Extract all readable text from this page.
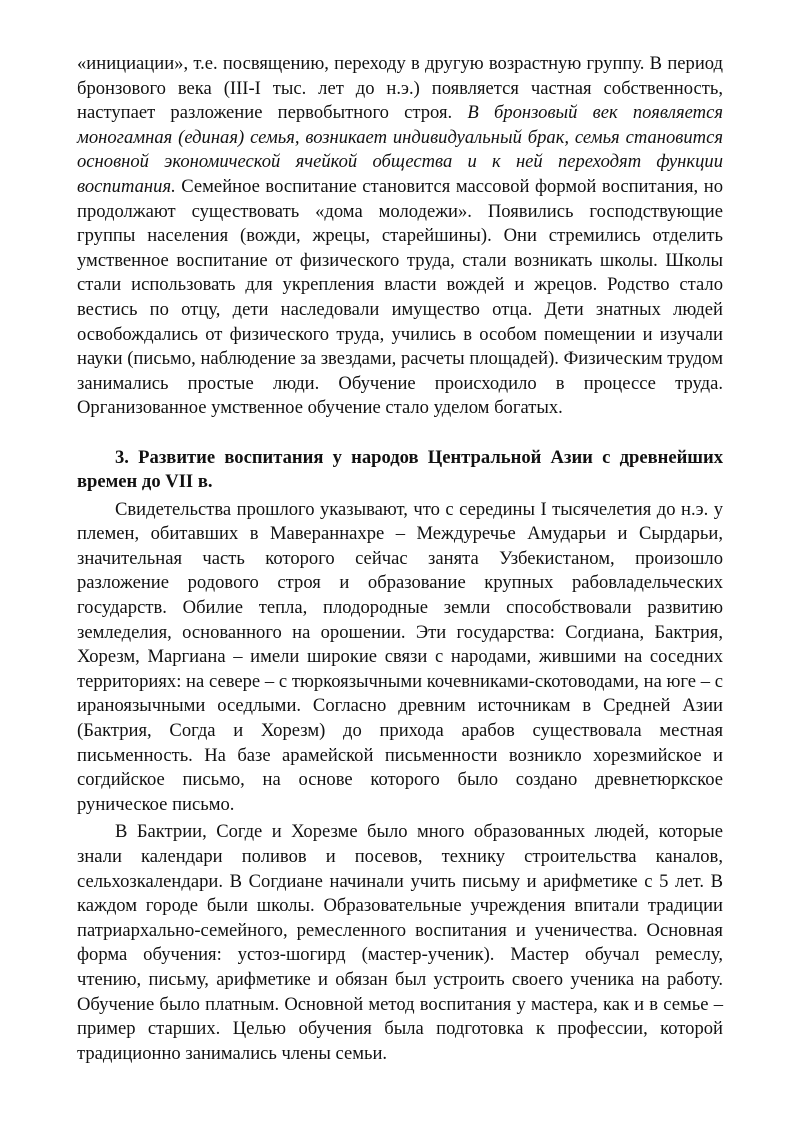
«инициации», т.е. посвящению, переходу в другую возрастную группу. В период бронзового века (III-I тыс. лет до н.э.) появляется частная собственность, наступает разложение первобытного строя. В бронзовый век появляется моногамная (единая) семья, возникает индивидуальный брак, семья становится основной экономической ячейкой общества и к ней переходят функции воспитания. Семейное воспитание становится массовой формой воспитания, но продолжают существовать «дома молодежи». Появились господствующие группы населения (вожди, жрецы, старейшины). Они стремились отделить умственное воспитание от физического труда, стали возникать школы. Школы стали использовать для укрепления власти вождей и жрецов. Родство стало вестись по отцу, дети наследовали имущество отца. Дети знатных людей освобождались от физического труда, учились в особом помещении и изучали науки (письмо, наблюдение за звездами, расчеты площадей). Физическим трудом занимались простые люди. Обучение происходило в процессе труда. Организованное умственное обучение стало уделом богатых.

3. Развитие воспитания у народов Центральной Азии с древнейших времен до VII в.

Свидетельства прошлого указывают, что с середины I тысячелетия до н.э. у племен, обитавших в Мавераннахре – Междуречье Амударьи и Сырдарьи, значительная часть которого сейчас занята Узбекистаном, произошло разложение родового строя и образование крупных рабовладельческих государств. Обилие тепла, плодородные земли способствовали развитию земледелия, основанного на орошении. Эти государства: Согдиана, Бактрия, Хорезм, Маргиана – имели широкие связи с народами, жившими на соседних территориях: на севере – с тюркоязычными кочевниками-скотоводами, на юге – с ираноязычными оседлыми. Согласно древним источникам в Средней Азии (Бактрия, Согда и Хорезм) до прихода арабов существовала местная письменность. На базе арамейской письменности возникло хорезмийское и согдийское письмо, на основе которого было создано древнетюркское руническое письмо.

В Бактрии, Согде и Хорезме было много образованных людей, которые знали календари поливов и посевов, технику строительства каналов, сельхозкалендари. В Согдиане начинали учить письму и арифметике с 5 лет. В каждом городе были школы. Образовательные учреждения впитали традиции патриархально-семейного, ремесленного воспитания и ученичества. Основная форма обучения: устоз-шогирд (мастер-ученик). Мастер обучал ремеслу, чтению, письму, арифметике и обязан был устроить своего ученика на работу. Обучение было платным. Основной метод воспитания у мастера, как и в семье – пример старших. Целью обучения была подготовка к профессии, которой традиционно занимались члены семьи.
